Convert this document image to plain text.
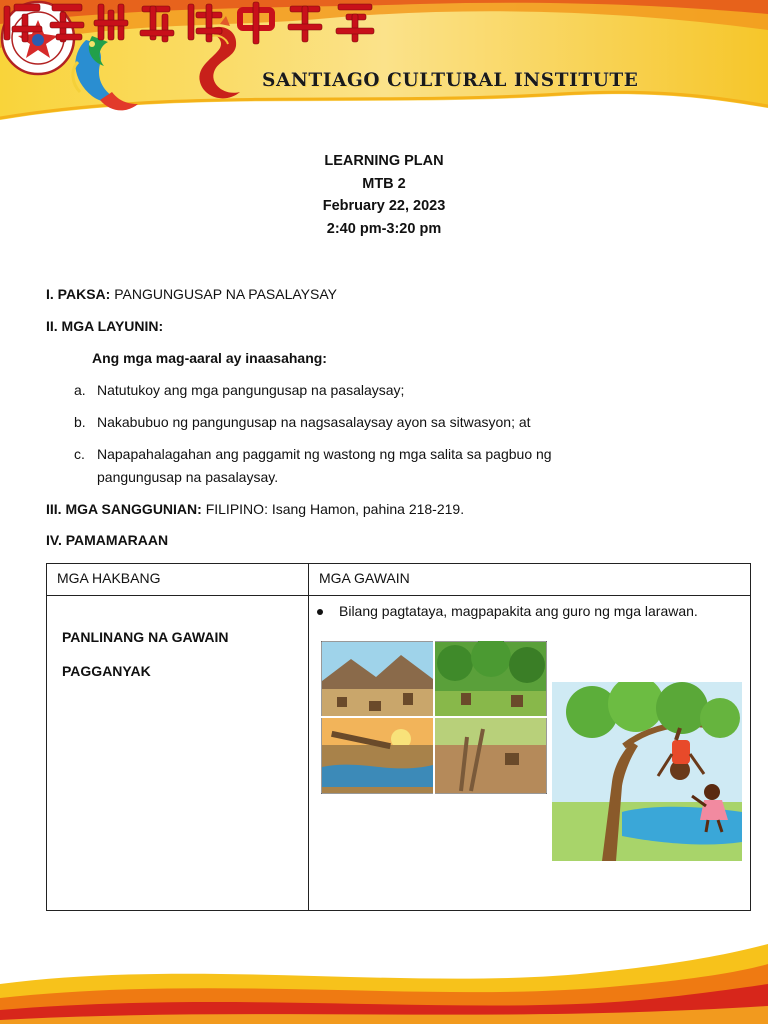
SANTIAGO CULTURAL INSTITUTE
LEARNING PLAN
MTB 2
February 22, 2023
2:40 pm-3:20 pm
I. PAKSA: PANGUNGUSAP NA PASALAYSAY
II. MGA LAYUNIN:
Ang mga mag-aaral ay inaasahang:
a. Natutukoy ang mga pangungusap na pasalaysay;
b. Nakabubuo ng pangungusap na nagsasalaysay ayon sa sitwasyon; at
c. Napapahalagahan ang paggamit ng wastong ng mga salita sa pagbuo ng
pangungusap na pasalaysay.
III. MGA SANGGUNIAN: FILIPINO: Isang Hamon, pahina 218-219.
IV. PAMAMARAAN
MGA HAKBANG	MGA GAWAIN

PANLINANG NA GAWAIN
PAGGANYAK	Bilang pagtataya, magpapakita ang guro ng mga larawan.
